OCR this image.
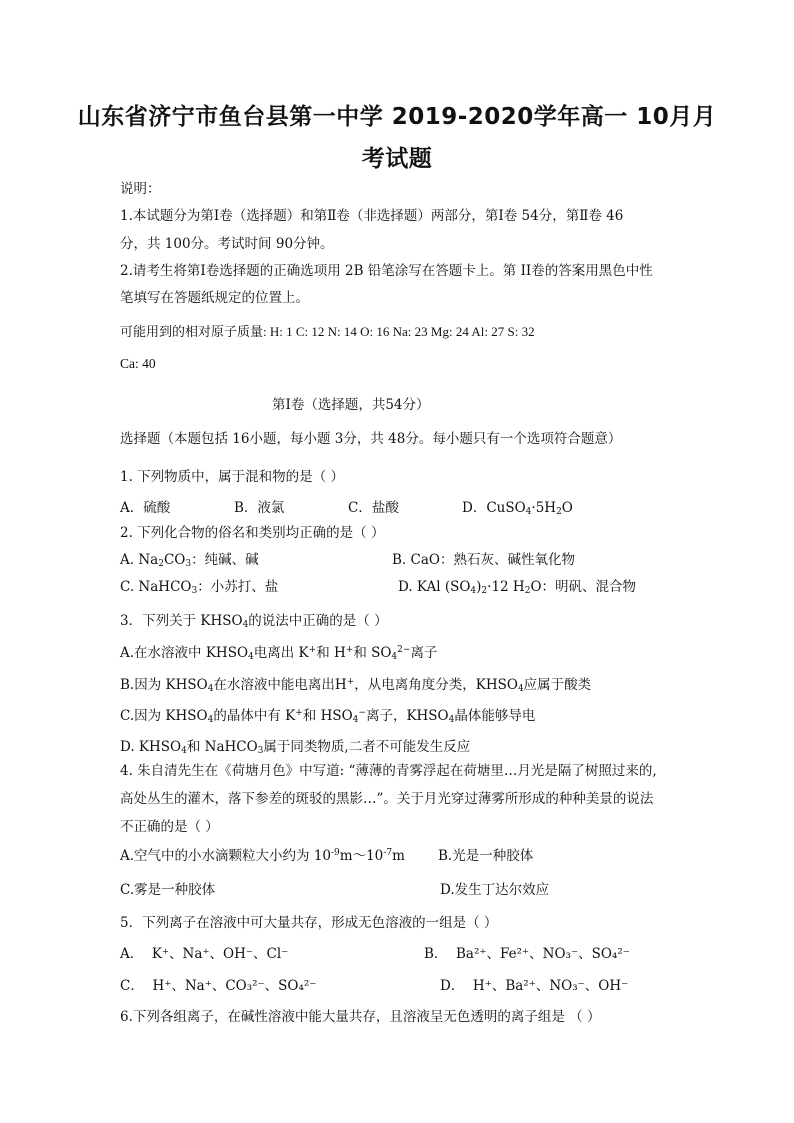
山东省济宁市鱼台县第一中学 2019-2020学年高一 10月月
考试题
说明：
1.本试题分为第Ⅰ卷（选择题）和第Ⅱ卷（非选择题）两部分，第Ⅰ卷 54分，第Ⅱ卷 46
分，共 100分。考试时间 90分钟。
2.请考生将第Ⅰ卷选择题的正确选项用 2B 铅笔涂写在答题卡上。第 II卷的答案用黑色中性
笔填写在答题纸规定的位置上。
可能用到的相对原子质量: H: 1 C: 12 N: 14 O: 16 Na: 23 Mg: 24 Al: 27 S: 32
Ca: 40
第Ⅰ卷（选择题，共54分）
选择题（本题包括 16小题，每小题 3分，共 48分。每小题只有一个选项符合题意）
1. 下列物质中，属于混和物的是（ ）
A．硫酸	B．液氯	C．盐酸	D．$CuSO_4\cdot 5H_2O$
2. 下列化合物的俗名和类别均正确的是（ ）
A. $Na_2CO_3$：纯碱、碱	B. CaO：熟石灰、碱性氧化物
C. NaHCO$_3$：小苏打、盐	D. KAl $(SO_4)_2\cdot 12$ $H_2O$：明矾、混合物
3．下列关于 $KHSO_4$的说法中正确的是（ ）
A.在水溶液中 $KHSO_4$电离出 K+和 H+和 $SO_4^{2-}$离子
B.因为 $KHSO_4$在水溶液中能电离出H+，从电离角度分类，$KHSO_4$应属于酸类
C.因为 $KHSO_4$的晶体中有 K+和 $HSO_4^-$离子，$KHSO_4$晶体能够导电
D. $KHSO_4$和 NaHCO$_3$属于同类物质,二者不可能发生反应
4. 朱自清先生在《荷塘月色》中写道: “薄薄的青雾浮起在荷塘里…月光是隔了树照过来的,
高处丛生的灌木，落下参差的斑驳的黑影…”。关于月光穿过薄雾所形成的种种美景的说法
不正确的是（ ）
A.空气中的小水滴颗粒大小约为 $10^{-9}m\sim 10^{-7}m$ B.光是一种胶体
C.雾是一种胶体	D.发生丁达尔效应
5．下列离子在溶液中可大量共存，形成无色溶液的一组是（ ）
A． K⁺、Na⁺、OH⁻、Cl⁻	B． Ba²⁺、Fe²⁺、NO₃⁻、SO₄²⁻
C． H⁺、Na⁺、CO₃²⁻、SO₄²⁻	D． H⁺、Ba²⁺、NO₃⁻、OH⁻
6.下列各组离子，在碱性溶液中能大量共存，且溶液呈无色透明的离子组是 （ ）
